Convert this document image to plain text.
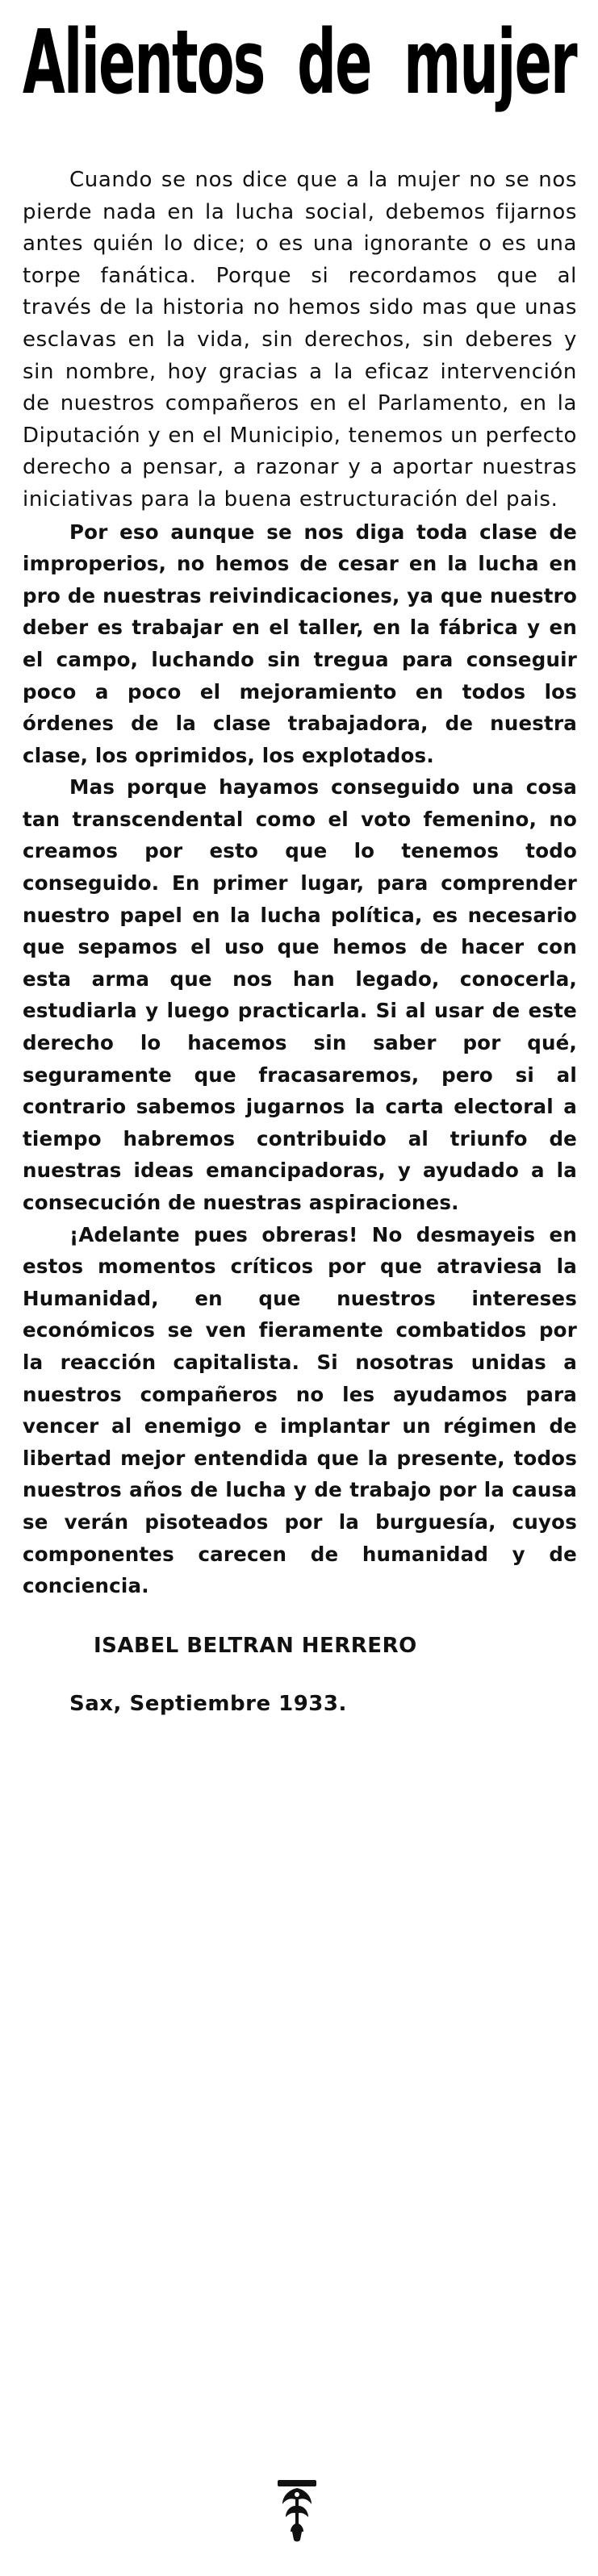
Alientos de mujer

Cuando se nos dice que a la mujer no se nos pierde nada en la lucha social, debemos fijarnos antes quién lo dice; o es una ignorante o es una torpe fanática. Porque si recordamos que al través de la historia no hemos sido mas que unas esclavas en la vida, sin derechos, sin deberes y sin nombre, hoy gracias a la eficaz intervención de nuestros compañeros en el Parlamento, en la Diputación y en el Municipio, tenemos un perfecto derecho a pensar, a razonar y a aportar nuestras iniciativas para la buena estructuración del pais.

Por eso aunque se nos diga toda clase de improperios, no hemos de cesar en la lucha en pro de nuestras reivindicaciones, ya que nuestro deber es trabajar en el taller, en la fábrica y en el campo, luchando sin tregua para conseguir poco a poco el mejoramiento en todos los órdenes de la clase trabajadora, de nuestra clase, los oprimidos, los explotados.

Mas porque hayamos conseguido una cosa tan transcendental como el voto femenino, no creamos por esto que lo tenemos todo conseguido. En primer lugar, para comprender nuestro papel en la lucha política, es necesario que sepamos el uso que hemos de hacer con esta arma que nos han legado, conocerla, estudiarla y luego practicarla. Si al usar de este derecho lo hacemos sin saber por qué, seguramente que fracasaremos, pero si al contrario sabemos jugarnos la carta electoral a tiempo habremos contribuido al triunfo de nuestras ideas emancipadoras, y ayudado a la consecución de nuestras aspiraciones.

¡Adelante pues obreras! No desmayeis en estos momentos críticos por que atraviesa la Humanidad, en que nuestros intereses económicos se ven fieramente combatidos por la reacción capitalista. Si nosotras unidas a nuestros compañeros no les ayudamos para vencer al enemigo e implantar un régimen de libertad mejor entendida que la presente, todos nuestros años de lucha y de trabajo por la causa se verán pisoteados por la burguesía, cuyos componentes carecen de humanidad y de conciencia.

ISABEL BELTRAN HERRERO

Sax, Septiembre 1933.
